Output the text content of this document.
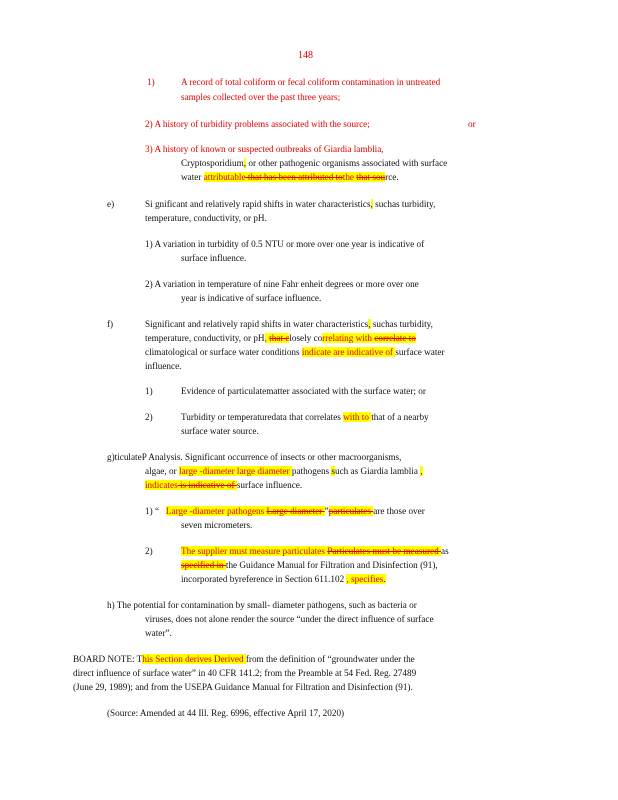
148
1)	A record of total coliform or fecal coliform contamination in untreated
samples collected over the past three years;
2) A history of turbidity problems associated with the source;	or
3) A history of known or suspected outbreaks of Giardia lamblia,
Cryptosporidium, or other pathogenic organisms associated with surface
water attributable that has been attributed tothe that source.
e)	Si gnificant and relatively rapid shifts in water characteristics, suchas turbidity,
temperature, conductivity, or pH.
1) A variation in turbidity of 0.5 NTU or more over one year is indicative of
surface influence.
2) A variation in temperature of nine Fahr enheit degrees or more over one
year is indicative of surface influence.
f)	Significant and relatively rapid shifts in water characteristics, suchas turbidity,
temperature, conductivity, or pH, that closely correlating with correlate to
climatological or surface water conditions indicate are indicative of surface water
influence.
1)	Evidence of particulatematter associated with the surface water; or
2)	Turbidity or temperaturedata that correlates with to that of a nearby
surface water source.
g)ticulateP Analysis. Significant occurrence of insects or other macroorganisms,
algae, or large -diameter large diameter pathogens such as Giardia lamblia ,
indicates is indicative of surface influence.
1) “ Large -diameter pathogens Large diameter ”particulates are those over
seven micrometers.
2)	The supplier must measure particulates Particulates must be measured as
specified in the Guidance Manual for Filtration and Disinfection (91),
incorporated byreference in Section 611.102 , specifies.
h) The potential for contamination by small- diameter pathogens, such as bacteria or
viruses, does not alone render the source “under the direct influence of surface
water”.
BOARD NOTE: This Section derives Derived from the definition of “groundwater under the
direct influence of surface water” in 40 CFR 141.2; from the Preamble at 54 Fed. Reg. 27489
(June 29, 1989); and from the USEPA Guidance Manual for Filtration and Disinfection (91).
(Source: Amended at 44 Ill. Reg. 6996, effective April 17, 2020)
